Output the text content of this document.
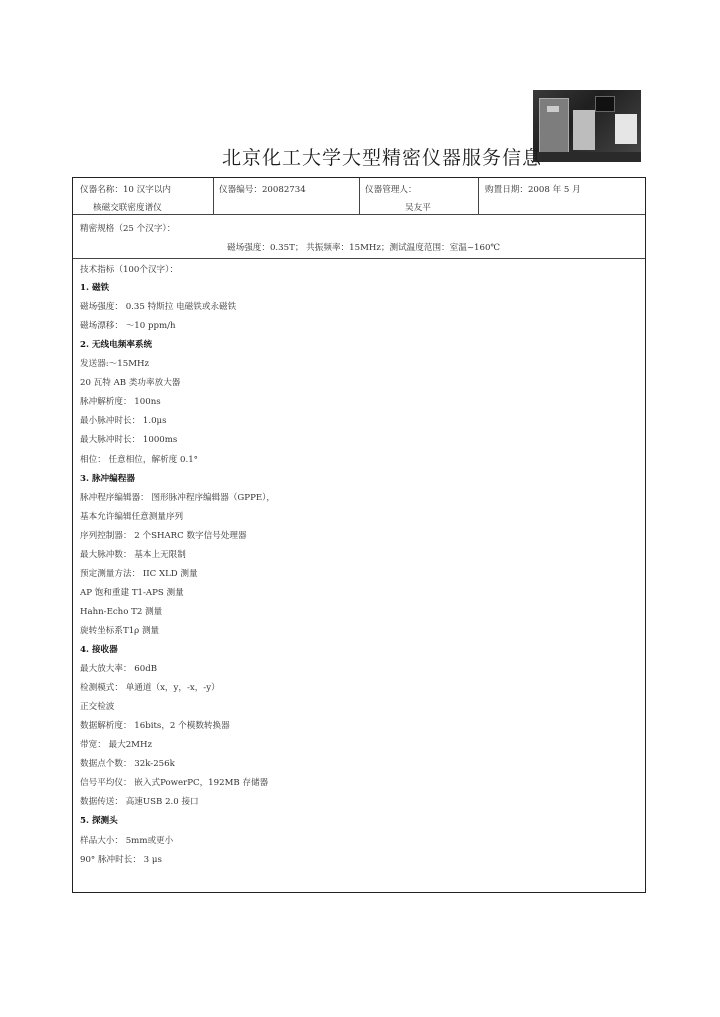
北京化工大学大型精密仪器服务信息
仪器名称：10 汉字以内
核磁交联密度谱仪
仪器编号：20082734	仪器管理人：
吴友平
购置日期：2008 年 5 月
精密规格（25 个汉字）：
磁场强度：0.35T； 共振频率：15MHz；测试温度范围：室温~160℃
技术指标（100个汉字）：
1. 磁铁
磁场强度： 0.35 特斯拉 电磁铁或永磁铁
磁场漂移： ～10 ppm/h
2. 无线电频率系统
发送器:～15MHz
20 瓦特 AB 类功率放大器
脉冲解析度： 100ns
最小脉冲时长： 1.0μs
最大脉冲时长： 1000ms
相位： 任意相位，解析度 0.1°
3. 脉冲编程器
脉冲程序编辑器： 图形脉冲程序编辑器（GPPE），
基本允许编辑任意测量序列
序列控制器： 2 个SHARC 数字信号处理器
最大脉冲数： 基本上无限制
预定测量方法： IIC XLD 测量
AP 饱和重建 T1-APS 测量
Hahn-Echo T2 测量
旋转坐标系T1ρ 测量
4. 接收器
最大放大率： 60dB
检测模式： 单通道（x，y，-x，-y）
正交检波
数据解析度： 16bits，2 个模数转换器
带宽： 最大2MHz
数据点个数： 32k-256k
信号平均仪： 嵌入式PowerPC，192MB 存储器
数据传送： 高速USB 2.0 接口
5. 探测头
样品大小： 5mm或更小
90° 脉冲时长： 3 μs
